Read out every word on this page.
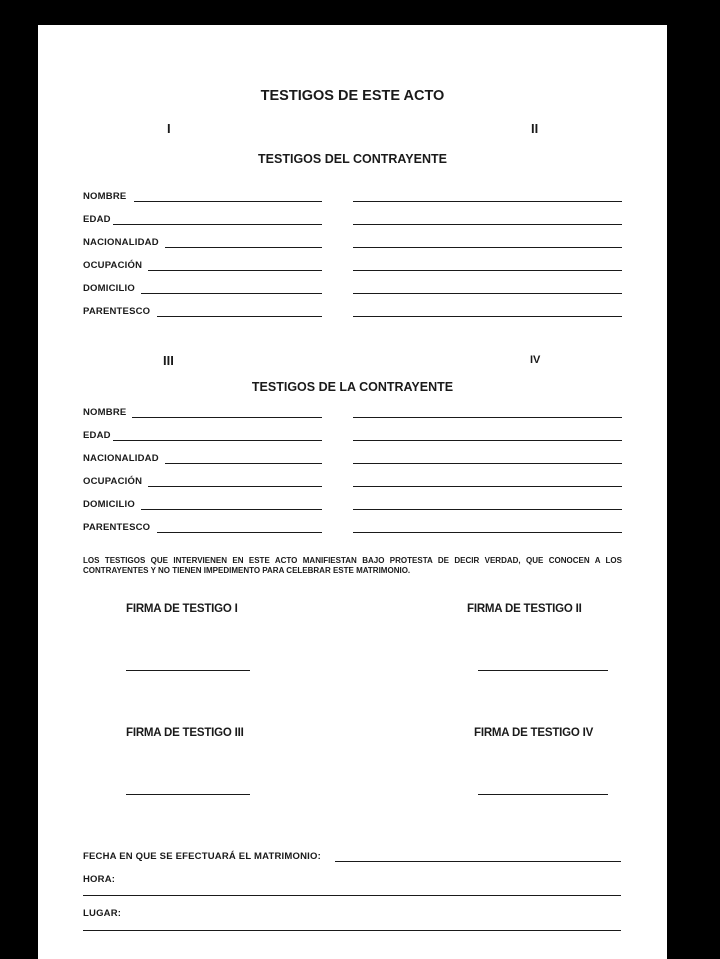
TESTIGOS DE ESTE ACTO
I	II
TESTIGOS DEL CONTRAYENTE
NOMBRE
EDAD
NACIONALIDAD
OCUPACIÓN
DOMICILIO
PARENTESCO
III	IV
TESTIGOS DE LA CONTRAYENTE
NOMBRE
EDAD
NACIONALIDAD
OCUPACIÓN
DOMICILIO
PARENTESCO
LOS TESTIGOS QUE INTERVIENEN EN ESTE ACTO MANIFIESTAN BAJO PROTESTA DE DECIR VERDAD, QUE CONOCEN A LOS CONTRAYENTES Y NO TIENEN IMPEDIMENTO PARA CELEBRAR ESTE MATRIMONIO.
FIRMA DE TESTIGO I	FIRMA DE TESTIGO II
FIRMA DE TESTIGO III	FIRMA DE TESTIGO IV
FECHA EN QUE SE EFECTUARÁ EL MATRIMONIO:
HORA:
LUGAR:
